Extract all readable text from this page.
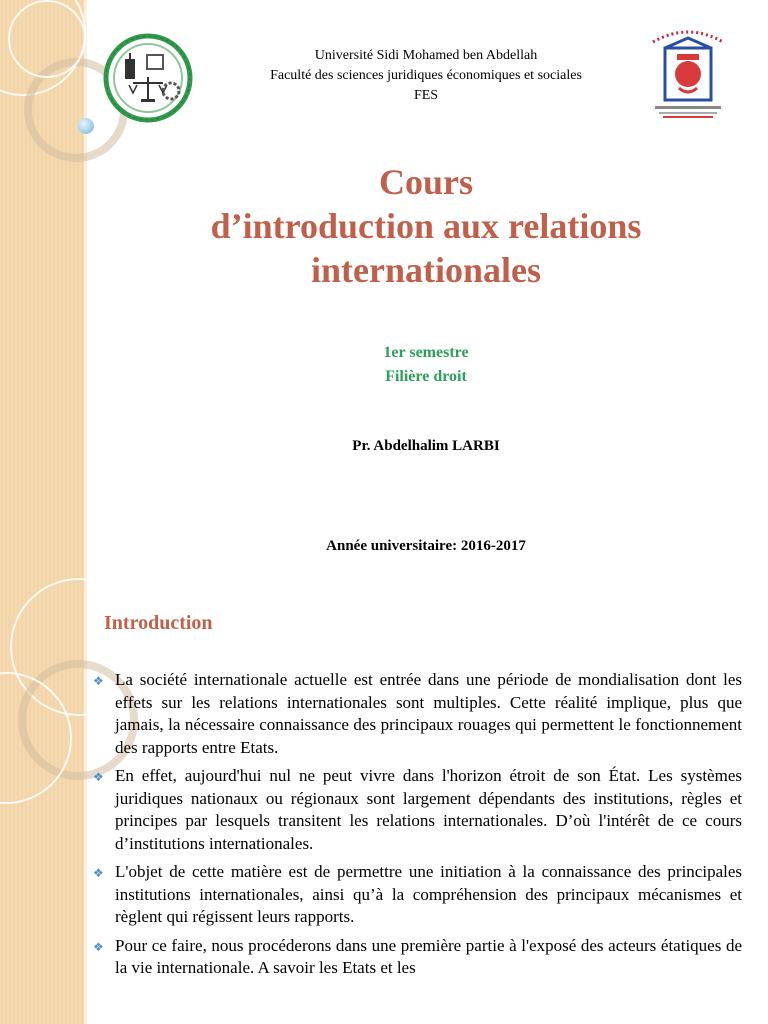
Université Sidi Mohamed ben Abdellah
Faculté des sciences juridiques économiques et sociales
FES
Cours
d’introduction aux relations
internationales
1er semestre
Filière droit
Pr. Abdelhalim LARBI
Année universitaire: 2016-2017
Introduction
❖ La société internationale actuelle est entrée dans une période de mondialisation dont les effets sur les relations internationales sont multiples. Cette réalité implique, plus que jamais, la nécessaire connaissance des principaux rouages qui permettent le fonctionnement des rapports entre Etats.
❖ En effet, aujourd'hui nul ne peut vivre dans l'horizon étroit de son État. Les systèmes juridiques nationaux ou régionaux sont largement dépendants des institutions, règles et principes par lesquels transitent les relations internationales. D’où l'intérêt de ce cours d’institutions internationales.
❖ L'objet de cette matière est de permettre une initiation à la connaissance des principales institutions internationales, ainsi qu’à la compréhension des principaux mécanismes et règlent qui régissent leurs rapports.
❖ Pour ce faire, nous procéderons dans une première partie à l'exposé des acteurs étatiques de la vie internationale. A savoir les Etats et les
